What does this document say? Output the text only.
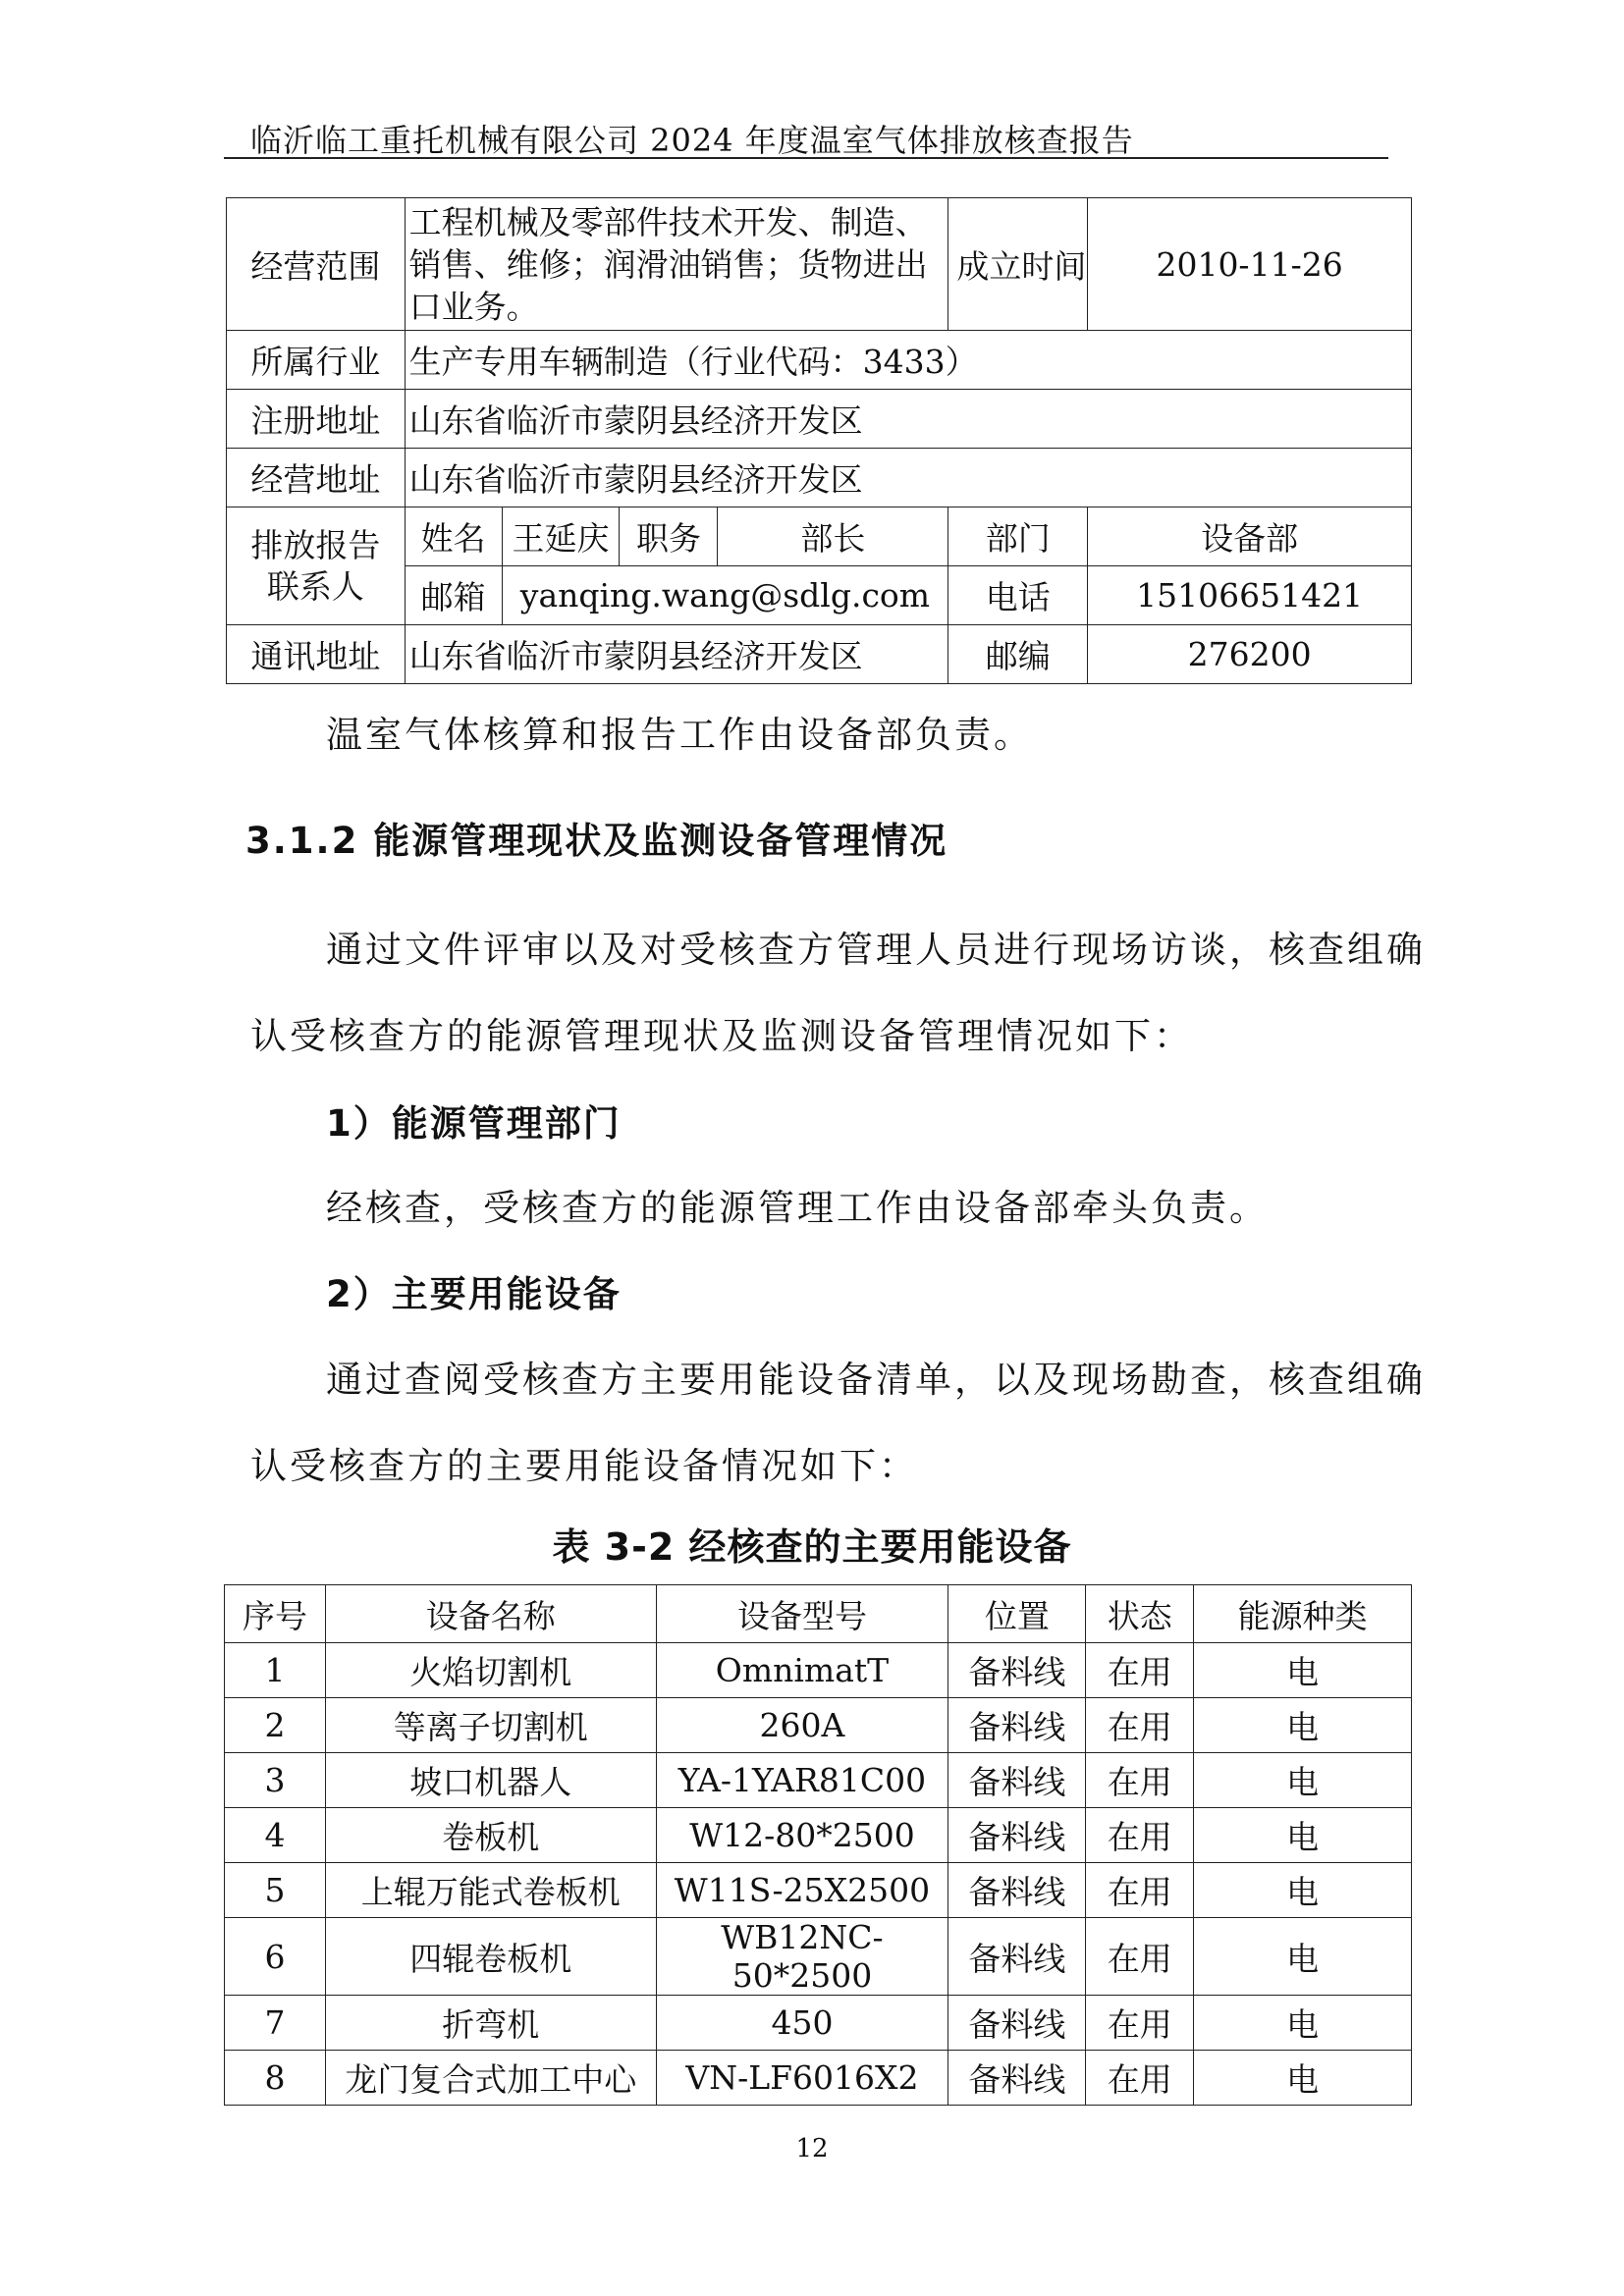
临沂临工重托机械有限公司 2024 年度温室气体排放核查报告
经营范围	工程机械及零部件技术开发、制造、
销售、维修；润滑油销售；货物进出
口业务。				成立时间	2010-11-26
所属行业	生产专用车辆制造（行业代码：3433）					
注册地址	山东省临沂市蒙阴县经济开发区					
经营地址	山东省临沂市蒙阴县经济开发区					

排放报告
联系人	姓名	王延庆	职务	部长	部门	设备部
	邮箱	yanqing.wang@sdlg.com			电话	15106651421
通讯地址	山东省临沂市蒙阴县经济开发区				邮编	276200
温室气体核算和报告工作由设备部负责。
3.1.2 能源管理现状及监测设备管理情况
通过文件评审以及对受核查方管理人员进行现场访谈，核查组确
认受核查方的能源管理现状及监测设备管理情况如下：
1）能源管理部门
经核查，受核查方的能源管理工作由设备部牵头负责。
2）主要用能设备
通过查阅受核查方主要用能设备清单，以及现场勘查，核查组确
认受核查方的主要用能设备情况如下：
表 3-2 经核查的主要用能设备
序号	设备名称	设备型号	位置	状态	能源种类
1	火焰切割机	OmnimatT	备料线	在用	电
2	等离子切割机	260A	备料线	在用	电
3	坡口机器人	YA-1YAR81C00	备料线	在用	电
4	卷板机	W12-80*2500	备料线	在用	电
5	上辊万能式卷板机	W11S-25X2500	备料线	在用	电
6	四辊卷板机	WB12NC-50*2500	备料线	在用	电
7	折弯机	450	备料线	在用	电
8	龙门复合式加工中心	VN-LF6016X2	备料线	在用	电
12
